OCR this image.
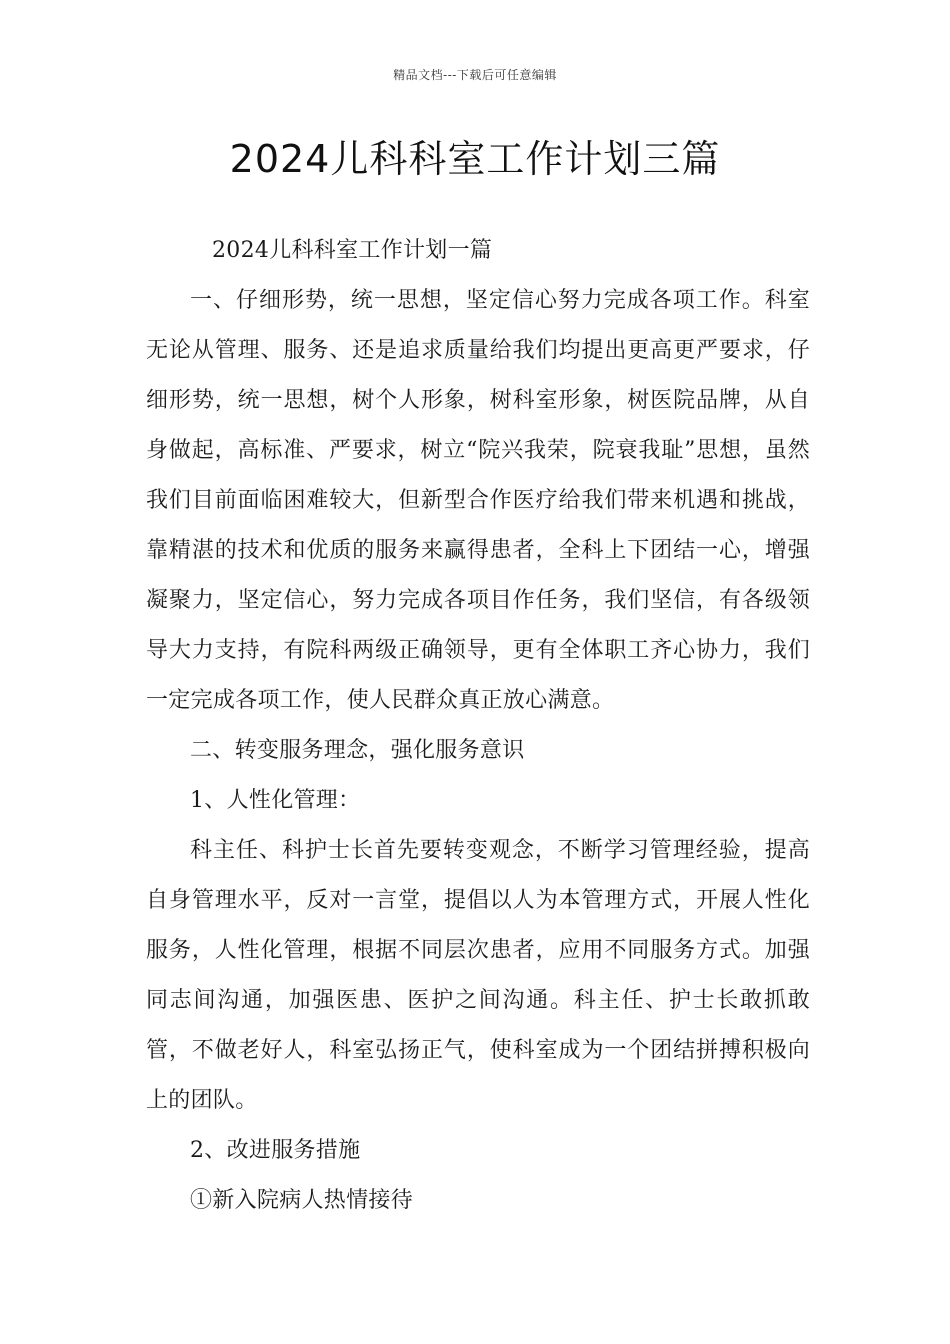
精品文档---下载后可任意编辑
2024儿科科室工作计划三篇

2024儿科科室工作计划一篇

一、仔细形势，统一思想，坚定信心努力完成各项工作。科室无论从管理、服务、还是追求质量给我们均提出更高更严要求，仔细形势，统一思想，树个人形象，树科室形象，树医院品牌，从自身做起，高标准、严要求，树立“院兴我荣，院衰我耻”思想，虽然我们目前面临困难较大，但新型合作医疗给我们带来机遇和挑战，靠精湛的技术和优质的服务来赢得患者，全科上下团结一心，增强凝聚力，坚定信心，努力完成各项目作任务，我们坚信，有各级领导大力支持，有院科两级正确领导，更有全体职工齐心协力，我们一定完成各项工作，使人民群众真正放心满意。

二、转变服务理念，强化服务意识

1、人性化管理：

科主任、科护士长首先要转变观念，不断学习管理经验，提高自身管理水平，反对一言堂，提倡以人为本管理方式，开展人性化服务，人性化管理，根据不同层次患者，应用不同服务方式。加强同志间沟通，加强医患、医护之间沟通。科主任、护士长敢抓敢管，不做老好人，科室弘扬正气，使科室成为一个团结拼搏积极向上的团队。

2、改进服务措施

①新入院病人热情接待
